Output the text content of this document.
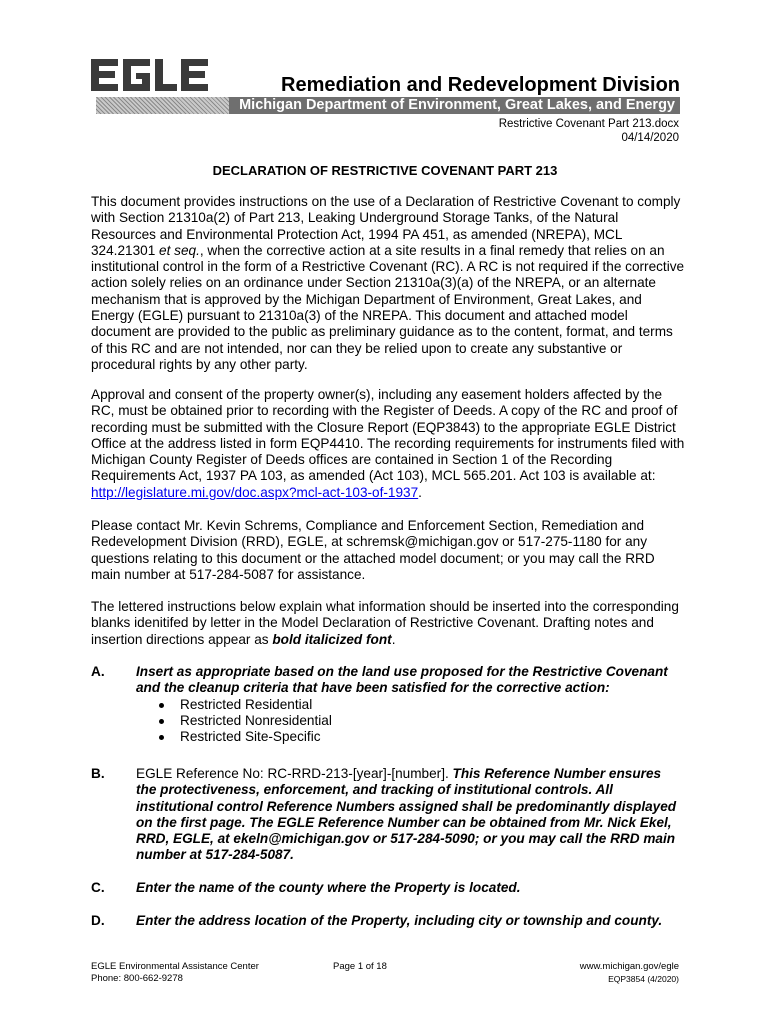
Remediation and Redevelopment Division
Michigan Department of Environment, Great Lakes, and Energy
Restrictive Covenant Part 213.docx
04/14/2020
DECLARATION OF RESTRICTIVE COVENANT PART 213

This document provides instructions on the use of a Declaration of Restrictive Covenant to comply with Section 21310a(2) of Part 213, Leaking Underground Storage Tanks, of the Natural Resources and Environmental Protection Act, 1994 PA 451, as amended (NREPA), MCL 324.21301 et seq., when the corrective action at a site results in a final remedy that relies on an institutional control in the form of a Restrictive Covenant (RC). A RC is not required if the corrective action solely relies on an ordinance under Section 21310a(3)(a) of the NREPA, or an alternate mechanism that is approved by the Michigan Department of Environment, Great Lakes, and Energy (EGLE) pursuant to 21310a(3) of the NREPA. This document and attached model document are provided to the public as preliminary guidance as to the content, format, and terms of this RC and are not intended, nor can they be relied upon to create any substantive or procedural rights by any other party.

Approval and consent of the property owner(s), including any easement holders affected by the RC, must be obtained prior to recording with the Register of Deeds. A copy of the RC and proof of recording must be submitted with the Closure Report (EQP3843) to the appropriate EGLE District Office at the address listed in form EQP4410. The recording requirements for instruments filed with Michigan County Register of Deeds offices are contained in Section 1 of the Recording Requirements Act, 1937 PA 103, as amended (Act 103), MCL 565.201. Act 103 is available at: http://legislature.mi.gov/doc.aspx?mcl-act-103-of-1937.

Please contact Mr. Kevin Schrems, Compliance and Enforcement Section, Remediation and Redevelopment Division (RRD), EGLE, at schremsk@michigan.gov or 517-275-1180 for any questions relating to this document or the attached model document; or you may call the RRD main number at 517-284-5087 for assistance.

The lettered instructions below explain what information should be inserted into the corresponding blanks idenitifed by letter in the Model Declaration of Restrictive Covenant. Drafting notes and insertion directions appear as bold italicized font.

A. Insert as appropriate based on the land use proposed for the Restrictive Covenant and the cleanup criteria that have been satisfied for the corrective action:
Restricted Residential
Restricted Nonresidential
Restricted Site-Specific
B. EGLE Reference No: RC-RRD-213-[year]-[number]. This Reference Number ensures the protectiveness, enforcement, and tracking of institutional controls. All institutional control Reference Numbers assigned shall be predominantly displayed on the first page. The EGLE Reference Number can be obtained from Mr. Nick Ekel, RRD, EGLE, at ekeln@michigan.gov or 517-284-5090; or you may call the RRD main number at 517-284-5087.
C. Enter the name of the county where the Property is located.
D. Enter the address location of the Property, including city or township and county.
EGLE Environmental Assistance Center
Phone: 800-662-9278
Page 1 of 18	www.michigan.gov/egle
EQP3854 (4/2020)
